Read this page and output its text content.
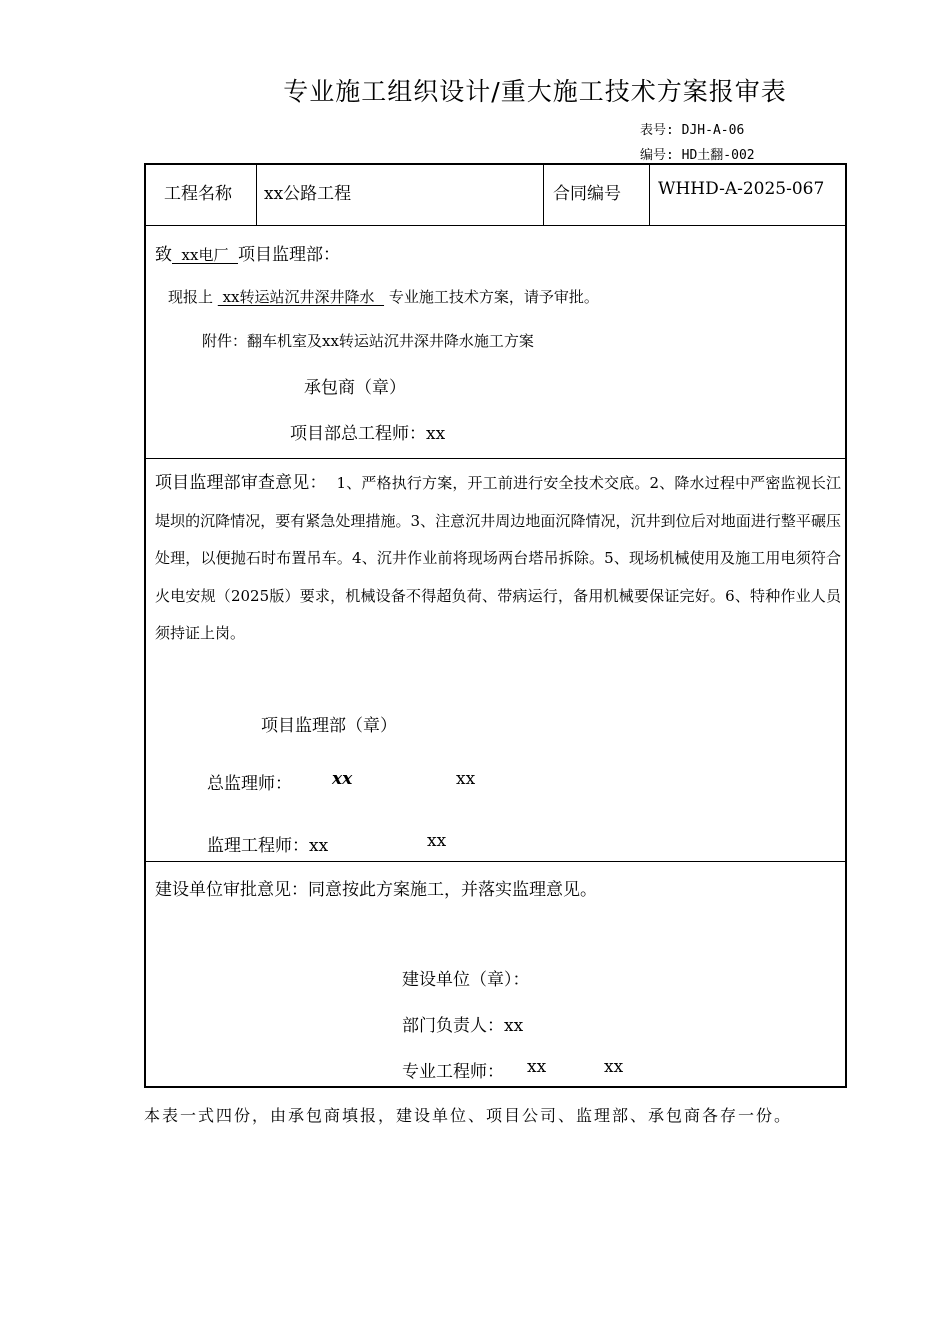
专业施工组织设计/重大施工技术方案报审表
表号: DJH-A-06
编号: HD土翻-002
工程名称 xx公路工程	合同编号 WHHD-A-2025-067
致  xx电厂  项目监理部：
现报上  xx转运站沉井深井降水   专业施工技术方案，请予审批。
附件：翻车机室及xx转运站沉井深井降水施工方案
承包商（章）
项目部总工程师：xx
项目监理部审查意见：  1、严格执行方案，开工前进行安全技术交底。2、降水过程中严密监视长江堤坝的沉降情况，要有紧急处理措施。3、注意沉井周边地面沉降情况，沉井到位后对地面进行整平碾压处理，以便抛石时布置吊车。4、沉井作业前将现场两台塔吊拆除。5、现场机械使用及施工用电须符合火电安规（2025版）要求，机械设备不得超负荷、带病运行，备用机械要保证完好。6、特种作业人员须持证上岗。
项目监理部（章）
总监理师： xx	xx
监理工程师：xx	xx
建设单位审批意见：同意按此方案施工，并落实监理意见。
建设单位（章）：
部门负责人：xx
专业工程师： xx	xx
本表一式四份，由承包商填报，建设单位、项目公司、监理部、承包商各存一份。
